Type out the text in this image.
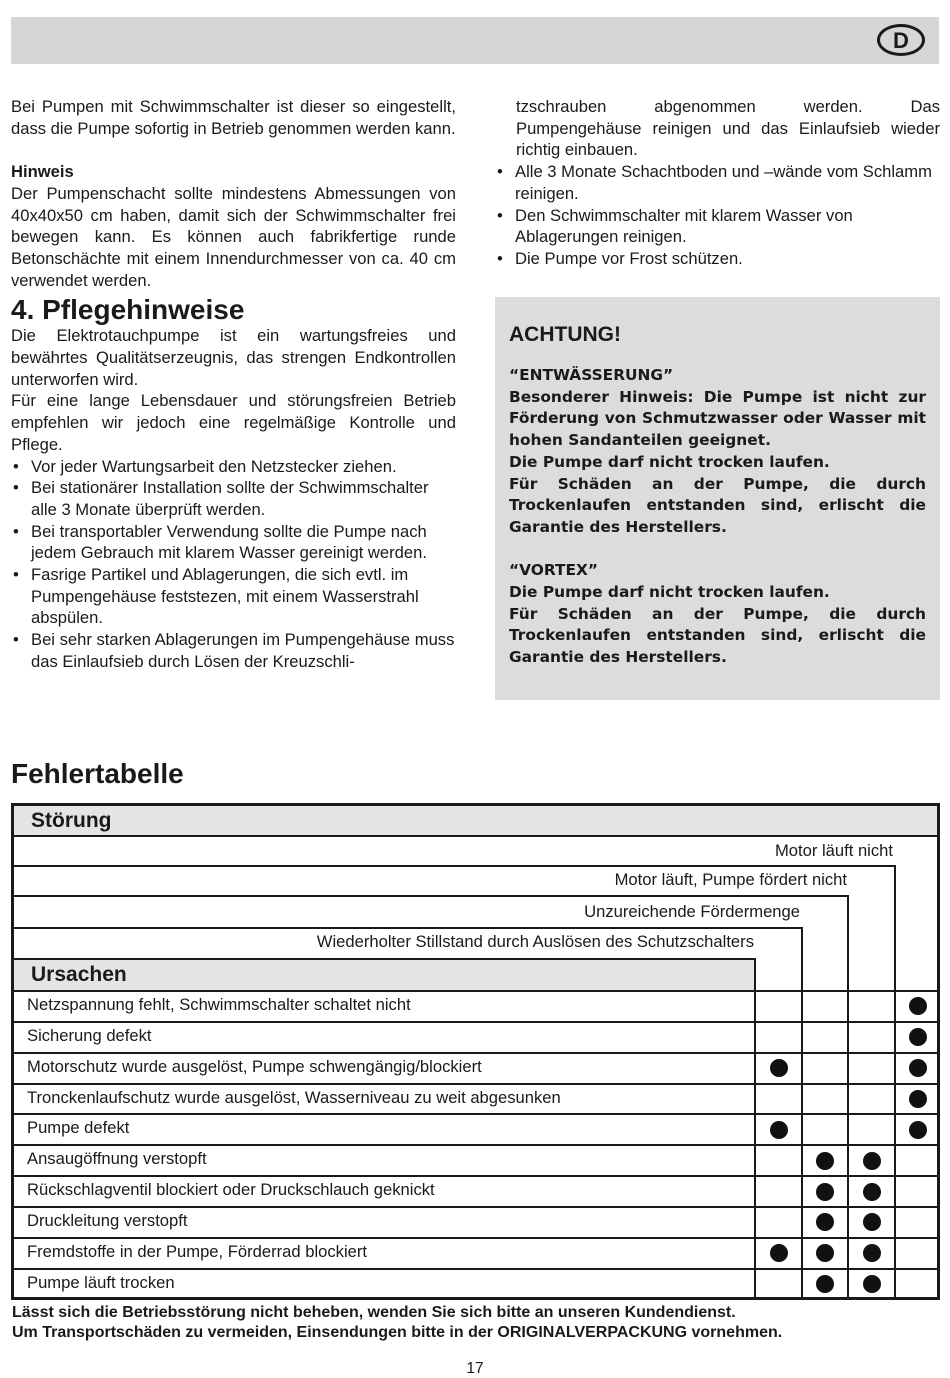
D

Bei Pumpen mit Schwimmschalter ist dieser so eingestellt, dass die Pumpe sofortig in Betrieb genommen werden kann.

Hinweis

Der Pumpenschacht sollte mindestens Abmessungen von 40x40x50 cm haben, damit sich der Schwimmschalter frei bewegen kann. Es können auch fabrikfertige runde Betonschächte mit einem Innendurchmesser von ca. 40 cm verwendet werden.

4. Pflegehinweise

Die Elektrotauchpumpe ist ein wartungsfreies und bewährtes Qualitätserzeugnis, das strengen Endkontrollen unterworfen wird.

Für eine lange Lebensdauer und störungsfreien Betrieb empfehlen wir jedoch eine regelmäßige Kontrolle und Pflege.

• Vor jeder Wartungsarbeit den Netzstecker ziehen.
• Bei stationärer Installation sollte der Schwimmschalter alle 3 Monate überprüft werden.
• Bei transportabler Verwendung sollte die Pumpe nach jedem Gebrauch mit klarem Wasser gereinigt werden.
• Fasrige Partikel und Ablagerungen, die sich evtl. im Pumpengehäuse feststezen, mit einem Wasserstrahl abspülen.
• Bei sehr starken Ablagerungen im Pumpengehäuse muss das Einlaufsieb durch Lösen der Kreuzschli-

tzschrauben abgenommen werden. Das Pumpengehäuse reinigen und das Einlaufsieb wieder richtig einbauen.

• Alle 3 Monate Schachtboden und –wände vom Schlamm reinigen.
• Den Schwimmschalter mit klarem Wasser von Ablagerungen reinigen.
• Die Pumpe vor Frost schützen.
ACHTUNG!

“ENTWÄSSERUNG”

Besonderer Hinweis: Die Pumpe ist nicht zur Förderung von Schmutzwasser oder Wasser mit hohen Sandanteilen geeignet.

Die Pumpe darf nicht trocken laufen.

Für Schäden an der Pumpe, die durch Trockenlaufen entstanden sind, erlischt die Garantie des Herstellers.

“VORTEX”

Die Pumpe darf nicht trocken laufen.

Für Schäden an der Pumpe, die durch Trockenlaufen entstanden sind, erlischt die Garantie des Herstellers.

Fehlertabelle
Störung
Motor läuft nicht
Motor läuft, Pumpe fördert nicht
Unzureichende Fördermenge
Wiederholter Stillstand durch Auslösen des Schutzschalters
Ursachen
Netzspannung fehlt, Schwimmschalter schaltet nicht
Sicherung defekt
Motorschutz wurde ausgelöst, Pumpe schwengängig/blockiert
Tronckenlaufschutz wurde ausgelöst, Wasserniveau zu weit abgesunken
Pumpe defekt
Ansaugöffnung verstopft
Rückschlagventil blockiert oder Druckschlauch geknickt
Druckleitung verstopft
Fremdstoffe in der Pumpe, Förderrad blockiert
Pumpe läuft trocken
Lässt sich die Betriebsstörung nicht beheben, wenden Sie sich bitte an unseren Kundendienst.
Um Transportschäden zu vermeiden, Einsendungen bitte in der ORIGINALVERPACKUNG vornehmen.
17
